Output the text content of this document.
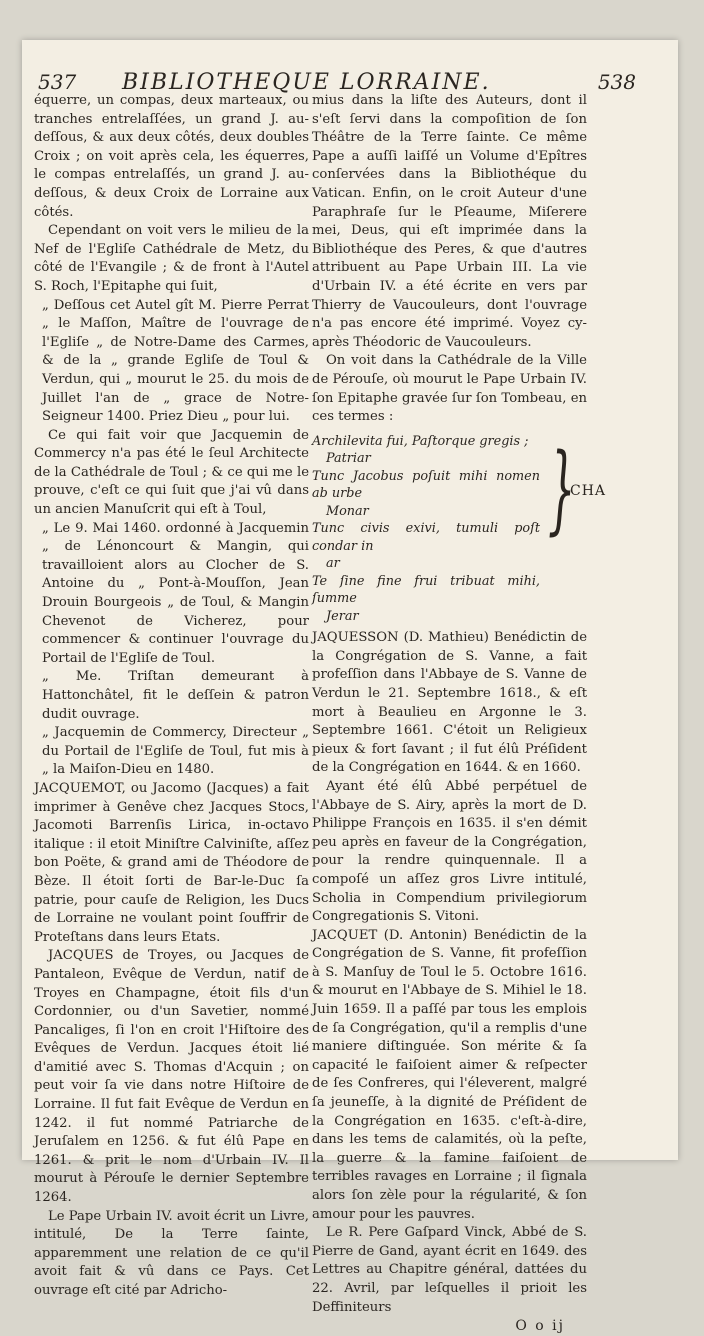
537 BIBLIOTHEQUE LORRAINE.	538

équerre, un compas, deux marteaux, ou tranches entrelaſſées, un grand J. au-deſſous, & aux deux côtés, deux doubles Croix ; on voit après cela, les équerres, le compas entrelaſſés, un grand J. au-deſſous, & deux Croix de Lorraine aux côtés.

Cependant on voit vers le milieu de la Nef de l'Egliſe Cathédrale de Metz, du côté de l'Evangile ; & de front à l'Autel S. Roch, l'Epitaphe qui ſuit,

„ Deſſous cet Autel gît M. Pierre Perrat „ le Maſſon, Maître de l'ouvrage de l'Egliſe „ de Notre-Dame des Carmes, & de la „ grande Egliſe de Toul & Verdun, qui „ mourut le 25. du mois de Juillet l'an de „ grace de Notre-Seigneur 1400. Priez Dieu „ pour lui.

Ce qui fait voir que Jacquemin de Commercy n'a pas été le ſeul Architecte de la Cathédrale de Toul ; & ce qui me le prouve, c'eſt ce qui ſuit que j'ai vû dans un ancien Manuſcrit qui eſt à Toul,

„ Le 9. Mai 1460. ordonné à Jacquemin „ de Lénoncourt & Mangin, qui travailloient alors au Clocher de S. Antoine du „ Pont-à-Mouſſon, Jean Drouin Bourgeois „ de Toul, & Mangin Chevenot de Vicherez, pour commencer & continuer l'ouvrage du Portail de l'Egliſe de Toul.

„ Me. Triſtan demeurant à Hattonchâtel, fit le deſſein & patron dudit ouvrage.

„ Jacquemin de Commercy, Directeur „ du Portail de l'Egliſe de Toul, fut mis à „ la Maiſon-Dieu en 1480.

JACQUEMOT, ou Jacomo (Jacques) a fait imprimer à Genêve chez Jacques Stocs, Jacomoti Barrenſis Lirica, in-octavo italique : il etoit Miniſtre Calviniſte, aſſez bon Poëte, & grand ami de Théodore de Bèze. Il étoit ſorti de Bar-le-Duc ſa patrie, pour cauſe de Religion, les Ducs de Lorraine ne voulant point ſouffrir de Proteſtans dans leurs Etats.

JACQUES de Troyes, ou Jacques de Pantaleon, Evêque de Verdun, natif de Troyes en Champagne, étoit fils d'un Cordonnier, ou d'un Savetier, nommé Pancaliges, ſi l'on en croit l'Hiſtoire des Evêques de Verdun. Jacques étoit lié d'amitié avec S. Thomas d'Acquin ; on peut voir ſa vie dans notre Hiſtoire de Lorraine. Il fut fait Evêque de Verdun en 1242. il fut nommé Patriarche de Jeruſalem en 1256. & fut élû Pape en 1261. & prit le nom d'Urbain IV. Il mourut à Pérouſe le dernier Septembre 1264.

Le Pape Urbain IV. avoit écrit un Livre, intitulé, De la Terre ſainte, apparemment une relation de ce qu'il avoit fait & vû dans ce Pays. Cet ouvrage eſt cité par Adricho-

mius dans la liſte des Auteurs, dont il s'eſt ſervi dans la compoſition de ſon Théâtre de la Terre ſainte. Ce même Pape a auſſi laiſſé un Volume d'Epîtres conſervées dans la Bibliothéque du Vatican. Enfin, on le croit Auteur d'une Paraphraſe ſur le Pſeaume, Miſerere mei, Deus, qui eſt imprimée dans la Bibliothéque des Peres, & que d'autres attribuent au Pape Urbain III. La vie d'Urbain IV. a été écrite en vers par Thierry de Vaucouleurs, dont l'ouvrage n'a pas encore été imprimé. Voyez cy-après Théodoric de Vaucouleurs.

On voit dans la Cathédrale de la Ville de Pérouſe, où mourut le Pape Urbain IV. ſon Epitaphe gravée ſur ſon Tombeau, en ces termes :

Archilevita fui, Paſtorque gregis ;
Patriar
Tunc Jacobus poſuit mihi nomen ab urbe
Monar
Tunc civis exivi, tumuli poſt condar in
ar
Te ſine fine frui tribuat mihi, ſumme
Jerar
}
CHA

JAQUESSON (D. Mathieu) Benédictin de la Congrégation de S. Vanne, a fait profeſſion dans l'Abbaye de S. Vanne de Verdun le 21. Septembre 1618., & eſt mort à Beaulieu en Argonne le 3. Septembre 1661. C'étoit un Religieux pieux & fort ſavant ; il fut élû Préſident de la Congrégation en 1644. & en 1660.

Ayant été élû Abbé perpétuel de l'Abbaye de S. Airy, après la mort de D. Philippe François en 1635. il s'en démit peu après en faveur de la Congrégation, pour la rendre quinquennale. Il a compoſé un aſſez gros Livre intitulé, Scholia in Compendium privilegiorum Congregationis S. Vitoni.

JACQUET (D. Antonin) Benédictin de la Congrégation de S. Vanne, fit profeſſion à S. Manſuy de Toul le 5. Octobre 1616. & mourut en l'Abbaye de S. Mihiel le 18. Juin 1659. Il a paſſé par tous les emplois de ſa Congrégation, qu'il a remplis d'une maniere diſtinguée. Son mérite & ſa capacité le faiſoient aimer & reſpecter de ſes Confreres, qui l'éleverent, malgré ſa jeuneſſe, à la dignité de Préſident de la Congrégation en 1635. c'eſt-à-dire, dans les tems de calamités, où la peſte, la guerre & la famine faiſoient de terribles ravages en Lorraine ; il ſignala alors ſon zèle pour la régularité, & ſon amour pour les pauvres.

Le R. Pere Gaſpard Vinck, Abbé de S. Pierre de Gand, ayant écrit en 1649. des Lettres au Chapitre général, dattées du 22. Avril, par leſquelles il prioit les Deffiniteurs

O o ij
